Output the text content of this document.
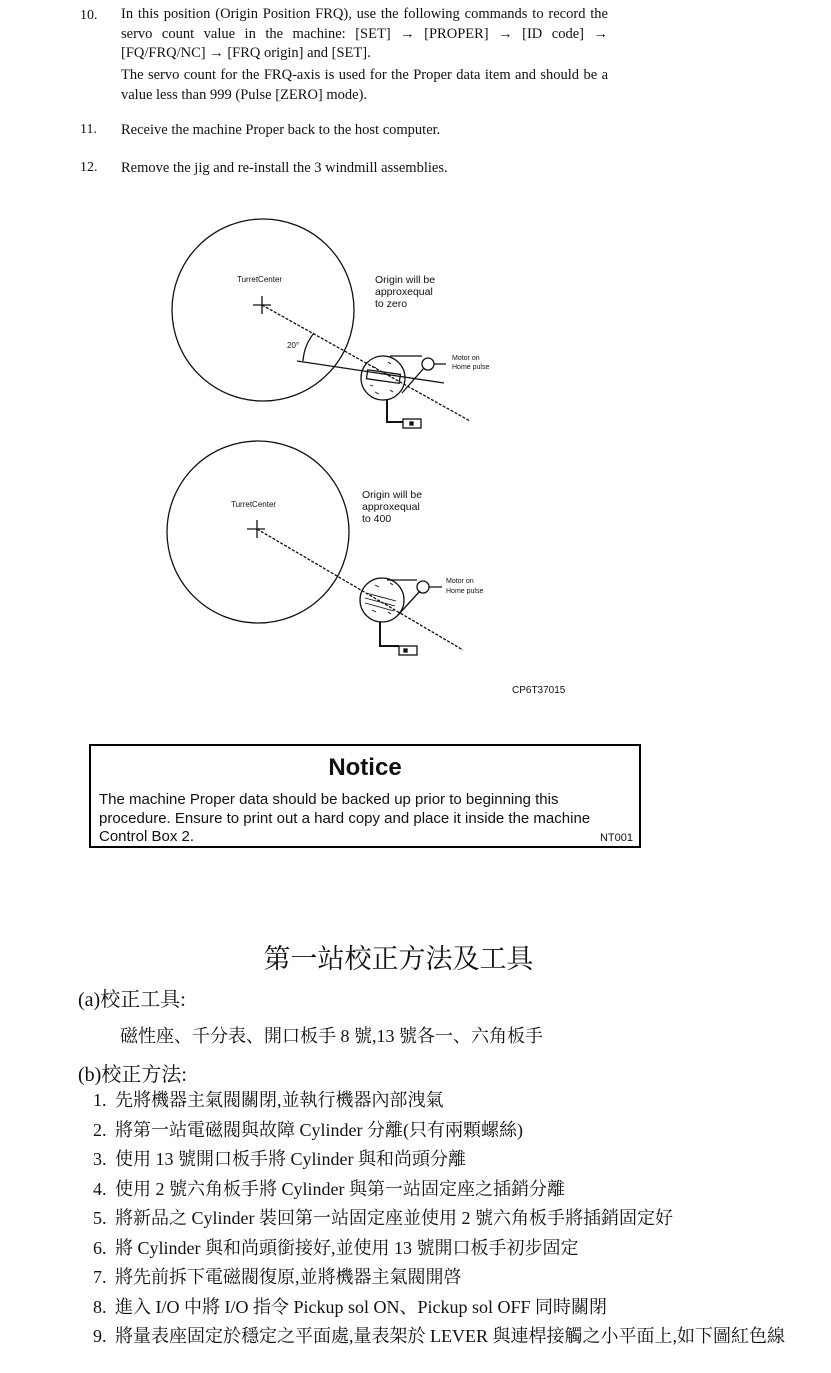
10. In this position (Origin Position FRQ), use the following commands to record the servo count value in the machine: [SET] → [PROPER] → [ID code] → [FQ/FRQ/NC] → [FRQ origin] and [SET].
The servo count for the FRQ-axis is used for the Proper data item and should be a value less than 999 (Pulse [ZERO] mode).
11. Receive the machine Proper back to the host computer.
12. Remove the jig and re-install the 3 windmill assemblies.
TurretCenter
20°
Origin will be
approxequal
to zero
Motor on
Home pulse
TurretCenter
Origin will be
approxequal
to 400
Motor on
Home pulse
CP6T37015
Notice
The machine Proper data should be backed up prior to beginning this procedure. Ensure to print out a hard copy and place it inside the machine Control Box 2.	NT001
第一站校正方法及工具
(a)校正工具:
磁性座、千分表、開口板手 8 號,13 號各一、六角板手
(b)校正方法:
1. 先將機器主氣閥關閉,並執行機器內部洩氣
2. 將第一站電磁閥與故障 Cylinder 分離(只有兩顆螺絲)
3. 使用 13 號開口板手將 Cylinder 與和尚頭分離
4. 使用 2 號六角板手將 Cylinder 與第一站固定座之插銷分離
5. 將新品之 Cylinder 裝回第一站固定座並使用 2 號六角板手將插銷固定好
6. 將 Cylinder 與和尚頭銜接好,並使用 13 號開口板手初步固定
7. 將先前拆下電磁閥復原,並將機器主氣閥開啓
8. 進入 I/O 中將 I/O 指令 Pickup sol ON、Pickup sol OFF 同時關閉
9. 將量表座固定於穩定之平面處,量表架於 LEVER 與連桿接觸之小平面上,如下圖紅色線
